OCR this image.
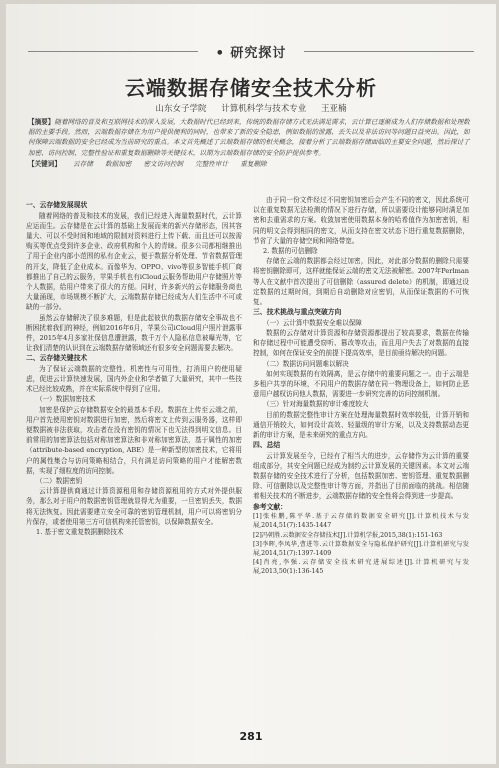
• 研究探讨
云端数据存储安全技术分析
山东女子学院 计算机科学与技术专业 王亚楠
【摘要】随着网络的普及和互联网技术的深入发展，大数据时代已经到来，传统的数据存储方式无法满足需求，云计算已逐渐成为人们存储数据和处理数据的主要手段。然而，云端数据存储在为用户提供便利的同时，也带来了新的安全隐患，例如数据的泄露、丢失以及非法访问等问题日益突出。因此，如何保障云端数据的安全已经成为当前研究的重点。本文首先概述了云端数据存储的相关概念，接着分析了云端数据存储面临的主要安全问题，然后探讨了加密、访问控制、完整性验证和重复数据删除等关键技术，以期为云端数据存储的安全防护提供参考。
【关键词】 云存储 数据加密 密文访问控制 完整性审计 重复删除
一、云存储发展现状

随着网络的普及和技术的发展，我们已经进入海量数据时代，云计算应运而生。云存储是在云计算的基础上发展而来的新兴存储形态，因其容量大、可以不受时间和地域的限制对资料进行上传下载、而且还可以按需购买等优点受到许多企业、政府机构和个人的青睐。很多公司都相继推出了用于企业内部小范围的私有企业云，便于数据分析处理、节省数据管理的开支，降低了企业成本。而像华为、OPPO、vivo等很多智能手机厂商都推出了自己的云服务，苹果手机也有iCloud云服务帮助用户存储照片等个人数据，给用户带来了很大的方便。同时，许多新兴的云存储服务商也大量涌现，市场规模不断扩大，云端数据存储已经成为人们生活中不可或缺的一部分。

虽然云存储解决了很多难题，但是此起彼伏的数据存储安全事故也不断困扰着我们的神经，例如2016年6月，苹果公司iCloud用户照片泄露事件，2015年4月多家社保信息遭泄露，数千万个人隐私信息被曝光等，它让我们清楚的认识到在云端数据存储领域还有很多安全问题需要去解决。

二、云存储关键技术

为了保证云端数据的完整性、机密性与可用性，打消用户的使用疑虑，促进云计算快速发展，国内外企业和学者做了大量研究，其中一些技术已经比较成熟，并在实际系统中得到了应用。

（一）数据加密技术

加密是保护云存储数据安全的最基本手段。数据在上传至云端之前，用户首先使用密钥对数据进行加密，然后将密文上传到云服务器，这样即便数据被非法获取，攻击者在没有密钥的情况下也无法得到明文信息。目前常用的加密算法包括对称加密算法和非对称加密算法，基于属性的加密（attribute-based encryption, ABE）是一种新型的加密技术，它将用户的属性集合与访问策略相结合，只有满足访问策略的用户才能解密数据，实现了细粒度的访问控制。

（二）数据密钥

云计算提供商通过计算资源租用和存储资源租用的方式对外提供服务，那么对于用户的数据密钥管理就显得尤为重要，一旦密钥丢失，数据将无法恢复。因此需要建立安全可靠的密钥管理机制，用户可以将密钥分片保存，或者使用第三方可信机构来托管密钥，以保障数据安全。

1. 基于密文重复数据删除技术

由于同一份文件经过不同密钥加密后会产生不同的密文，因此系统可以在重复数据无法检测的情况下进行存储，所以需要设计能够同时满足加密和去重需求的方案。收敛加密使用数据本身的哈希值作为加密密钥，相同的明文会得到相同的密文，从而支持在密文状态下进行重复数据删除，节省了大量的存储空间和网络带宽。

2. 数据的可信删除

存储在云端的数据都会经过加密，因此，对此部分数据的删除只需要将密钥删除即可，这样就能保证云端的密文无法被解密。2007年Perlman等人在文献中首次提出了可信删除（assured delete）的机制，即通过设定数据的过期时间，到期后自动删除对应密钥，从而保证数据的不可恢复。

三、技术挑战与重点突破方向
（一）云计算中数据安全难以保障

数据的云存储对计算资源和存储资源都提出了较高要求，数据在传输和存储过程中可能遭受窃听、篡改等攻击，而且用户失去了对数据的直接控制，如何在保证安全的前提下提高效率，是目前亟待解决的问题。

（二）数据访问问题难以解决

如何实现数据的有效隔离，是云存储中的重要问题之一。由于云端是多租户共享的环境，不同用户的数据存储在同一物理设备上，如何防止恶意用户越权访问他人数据，需要进一步研究完善的访问控制机制。

（三）针对海量数据的审计难度较大

目前的数据完整性审计方案在处理海量数据时效率较低，计算开销和通信开销较大，如何设计高效、轻量级的审计方案，以及支持数据动态更新的审计方案，是未来研究的重点方向。

四、总结

云计算发展至今，已经有了相当大的进步，云存储作为云计算的重要组成部分，其安全问题已经成为制约云计算发展的关键因素。本文对云端数据存储的安全技术进行了分析，包括数据加密、密钥管理、重复数据删除、可信删除以及完整性审计等方面，并指出了目前面临的挑战。相信随着相关技术的不断进步，云端数据存储的安全性将会得到进一步提高。

参考文献：
[1]张桂鹏,陈平华.基于云存储的数据安全研究[J].计算机技术与发展,2014,51(7):1435-1447
[2]冯朝胜.云数据安全存储技术[J].计算机学报,2015,38(1):151-163
[3]李晖,李凤华,曹进等.云计算数据安全与隐私保护研究[J].计算机研究与发展,2014,51(7):1397-1409
[4]肖亮,李强.云存储安全技术研究进展综述[J].计算机研究与发展,2013,50(1):136-145
281
